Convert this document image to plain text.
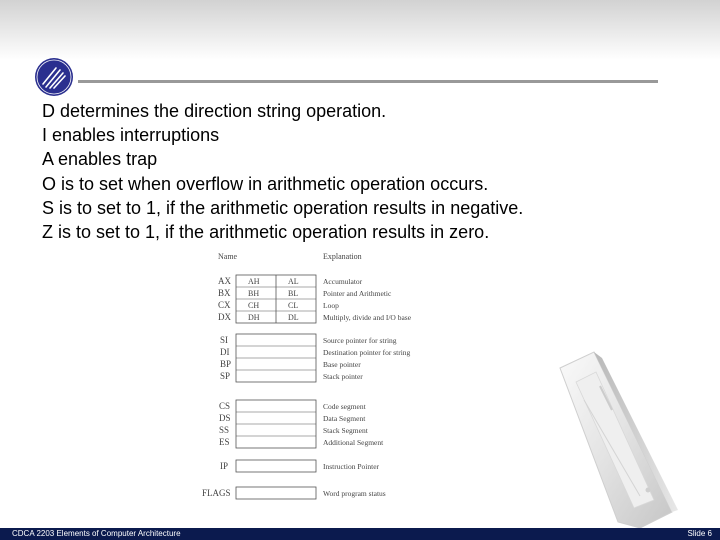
D determines the direction string operation.
I enables interruptions
A enables trap
O is to set when overflow in arithmetic operation occurs.
S is to set to 1, if the arithmetic operation results in negative.
Z is to set to 1, if the arithmetic operation results in zero.
Name	Explanation
AX AH	AL	Accumulator
BX BH	BL	Pointer and Arithmetic
CX CH	CL	Loop
DX DH	DL	Multiply, divide and I/O base
SI	Source pointer for string
DI	Destination pointer for string
BP	Base pointer
SP	Stack pointer
CS	Code segment
DS	Data Segment
SS	Stack Segment
ES	Additional Segment
IP	Instruction Pointer
FLAGS	Word program status
CDCA 2203 Elements of Computer Architecture	Slide 6
